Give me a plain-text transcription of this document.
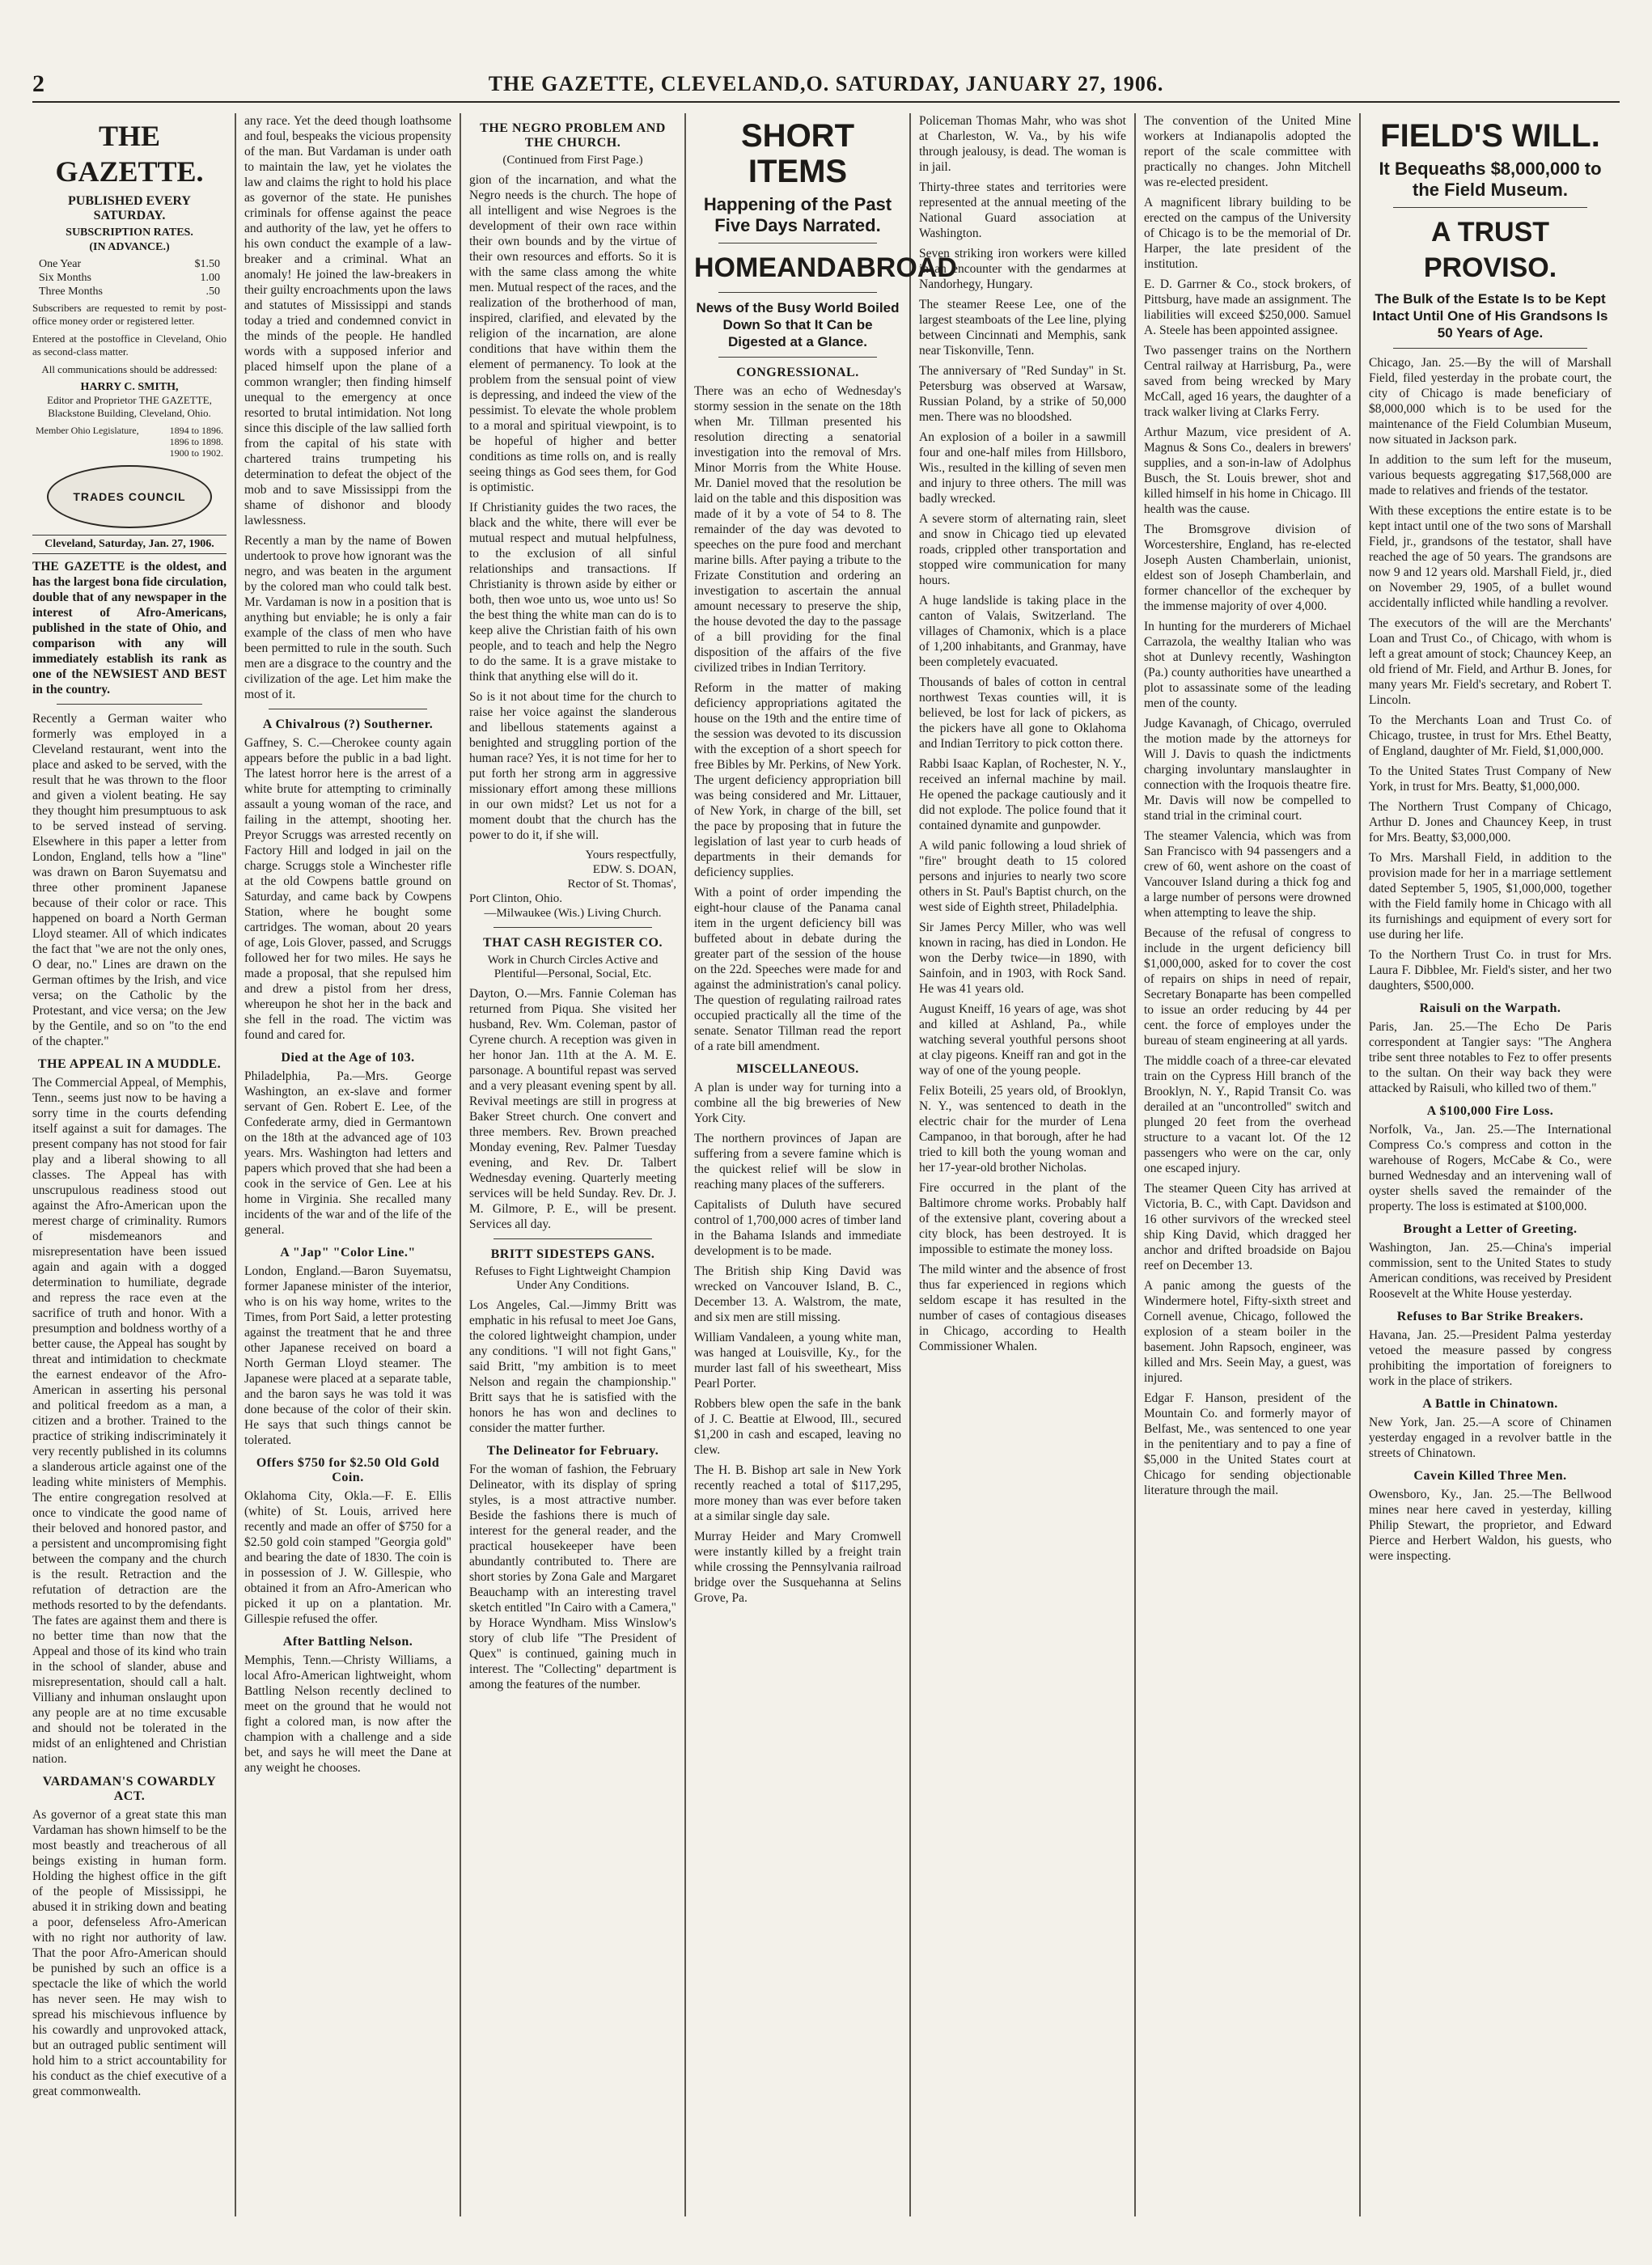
2	THE GAZETTE, CLEVELAND,O. SATURDAY, JANUARY 27, 1906.
THE GAZETTE.
PUBLISHED EVERY SATURDAY.
SUBSCRIPTION RATES.
(IN ADVANCE.)
One Year	$1.50
Six Months	1.00
Three Months	.50

Subscribers are requested to remit by post-office money order or registered letter.

Entered at the postoffice in Cleveland, Ohio as second-class matter.

All communications should be addressed:

HARRY C. SMITH,
Editor and Proprietor THE GAZETTE,
Blackstone Building, Cleveland, Ohio.
Member Ohio Legislature,	1894 to 1896.
1896 to 1898.
1900 to 1902.
TRADES COUNCIL
Cleveland, Saturday, Jan. 27, 1906.

THE GAZETTE is the oldest, and has the largest bona fide circulation, double that of any newspaper in the interest of Afro-Americans, published in the state of Ohio, and comparison with any will immediately establish its rank as one of the NEWSIEST AND BEST in the country.

Recently a German waiter who formerly was employed in a Cleveland restaurant, went into the place and asked to be served, with the result that he was thrown to the floor and given a violent beating. He say they thought him presumptuous to ask to be served instead of serving. Elsewhere in this paper a letter from London, England, tells how a "line" was drawn on Baron Suyematsu and three other prominent Japanese because of their color or race. This happened on board a North German Lloyd steamer. All of which indicates the fact that "we are not the only ones, O dear, no." Lines are drawn on the German oftimes by the Irish, and vice versa; on the Catholic by the Protestant, and vice versa; on the Jew by the Gentile, and so on "to the end of the chapter."

THE APPEAL IN A MUDDLE.

The Commercial Appeal, of Memphis, Tenn., seems just now to be having a sorry time in the courts defending itself against a suit for damages. The present company has not stood for fair play and a liberal showing to all classes. The Appeal has with unscrupulous readiness stood out against the Afro-American upon the merest charge of criminality. Rumors of misdemeanors and misrepresentation have been issued again and again with a dogged determination to humiliate, degrade and repress the race even at the sacrifice of truth and honor. With a presumption and boldness worthy of a better cause, the Appeal has sought by threat and intimidation to checkmate the earnest endeavor of the Afro-American in asserting his personal and political freedom as a man, a citizen and a brother. Trained to the practice of striking indiscriminately it very recently published in its columns a slanderous article against one of the leading white ministers of Memphis. The entire congregation resolved at once to vindicate the good name of their beloved and honored pastor, and a persistent and uncompromising fight between the company and the church is the result. Retraction and the refutation of detraction are the methods resorted to by the defendants. The fates are against them and there is no better time than now that the Appeal and those of its kind who train in the school of slander, abuse and misrepresentation, should call a halt. Villiany and inhuman onslaught upon any people are at no time excusable and should not be tolerated in the midst of an enlightened and Christian nation.

VARDAMAN'S COWARDLY ACT.

As governor of a great state this man Vardaman has shown himself to be the most beastly and treacherous of all beings existing in human form. Holding the highest office in the gift of the people of Mississippi, he abused it in striking down and beating a poor, defenseless Afro-American with no right nor authority of law. That the poor Afro-American should be punished by such an office is a spectacle the like of which the world has never seen. He may wish to spread his mischievous influence by his cowardly and unprovoked attack, but an outraged public sentiment will hold him to a strict accountability for his conduct as the chief executive of a great commonwealth.

any race. Yet the deed though loathsome and foul, bespeaks the vicious propensity of the man. But Vardaman is under oath to maintain the law, yet he violates the law and claims the right to hold his place as governor of the state. He punishes criminals for offense against the peace and authority of the law, yet he offers to his own conduct the example of a law-breaker and a criminal. What an anomaly! He joined the law-breakers in their guilty encroachments upon the laws and statutes of Mississippi and stands today a tried and condemned convict in the minds of the people. He handled words with a supposed inferior and placed himself upon the plane of a common wrangler; then finding himself unequal to the emergency at once resorted to brutal intimidation. Not long since this disciple of the law sallied forth from the capital of his state with chartered trains trumpeting his determination to defeat the object of the mob and to save Mississippi from the shame of dishonor and bloody lawlessness.

Recently a man by the name of Bowen undertook to prove how ignorant was the negro, and was beaten in the argument by the colored man who could talk best. Mr. Vardaman is now in a position that is anything but enviable; he is only a fair example of the class of men who have been permitted to rule in the south. Such men are a disgrace to the country and the civilization of the age. Let him make the most of it.

A Chivalrous (?) Southerner.

Gaffney, S. C.—Cherokee county again appears before the public in a bad light. The latest horror here is the arrest of a white brute for attempting to criminally assault a young woman of the race, and failing in the attempt, shooting her. Preyor Scruggs was arrested recently on Factory Hill and lodged in jail on the charge. Scruggs stole a Winchester rifle at the old Cowpens battle ground on Saturday, and came back by Cowpens Station, where he bought some cartridges. The woman, about 20 years of age, Lois Glover, passed, and Scruggs followed her for two miles. He says he made a proposal, that she repulsed him and drew a pistol from her dress, whereupon he shot her in the back and she fell in the road. The victim was found and cared for.

Died at the Age of 103.

Philadelphia, Pa.—Mrs. George Washington, an ex-slave and former servant of Gen. Robert E. Lee, of the Confederate army, died in Germantown on the 18th at the advanced age of 103 years. Mrs. Washington had letters and papers which proved that she had been a cook in the service of Gen. Lee at his home in Virginia. She recalled many incidents of the war and of the life of the general.

A "Jap" "Color Line."

London, England.—Baron Suyematsu, former Japanese minister of the interior, who is on his way home, writes to the Times, from Port Said, a letter protesting against the treatment that he and three other Japanese received on board a North German Lloyd steamer. The Japanese were placed at a separate table, and the baron says he was told it was done because of the color of their skin. He says that such things cannot be tolerated.

Offers $750 for $2.50 Old Gold Coin.

Oklahoma City, Okla.—F. E. Ellis (white) of St. Louis, arrived here recently and made an offer of $750 for a $2.50 gold coin stamped "Georgia gold" and bearing the date of 1830. The coin is in possession of J. W. Gillespie, who obtained it from an Afro-American who picked it up on a plantation. Mr. Gillespie refused the offer.

After Battling Nelson.

Memphis, Tenn.—Christy Williams, a local Afro-American lightweight, whom Battling Nelson recently declined to meet on the ground that he would not fight a colored man, is now after the champion with a challenge and a side bet, and says he will meet the Dane at any weight he chooses.

THE NEGRO PROBLEM AND THE CHURCH.
(Continued from First Page.)

gion of the incarnation, and what the Negro needs is the church. The hope of all intelligent and wise Negroes is the development of their own race within their own bounds and by the virtue of their own resources and efforts. So it is with the same class among the white men. Mutual respect of the races, and the realization of the brotherhood of man, inspired, clarified, and elevated by the religion of the incarnation, are alone conditions that have within them the element of permanency. To look at the problem from the sensual point of view is depressing, and indeed the view of the pessimist. To elevate the whole problem to a moral and spiritual viewpoint, is to be hopeful of higher and better conditions as time rolls on, and is really seeing things as God sees them, for God is optimistic.

If Christianity guides the two races, the black and the white, there will ever be mutual respect and mutual helpfulness, to the exclusion of all sinful relationships and transactions. If Christianity is thrown aside by either or both, then woe unto us, woe unto us! So the best thing the white man can do is to keep alive the Christian faith of his own people, and to teach and help the Negro to do the same. It is a grave mistake to think that anything else will do it.

So is it not about time for the church to raise her voice against the slanderous and libellous statements against a benighted and struggling portion of the human race? Yes, it is not time for her to put forth her strong arm in aggressive missionary effort among these millions in our own midst? Let us not for a moment doubt that the church has the power to do it, if she will.

Yours respectfully,
EDW. S. DOAN,
Rector of St. Thomas',
Port Clinton, Ohio.
—Milwaukee (Wis.) Living Church.
THAT CASH REGISTER CO.
Work in Church Circles Active and Plentiful—Personal, Social, Etc.

Dayton, O.—Mrs. Fannie Coleman has returned from Piqua. She visited her husband, Rev. Wm. Coleman, pastor of Cyrene church. A reception was given in her honor Jan. 11th at the A. M. E. parsonage. A bountiful repast was served and a very pleasant evening spent by all. Revival meetings are still in progress at Baker Street church. One convert and three members. Rev. Brown preached Monday evening, Rev. Palmer Tuesday evening, and Rev. Dr. Talbert Wednesday evening. Quarterly meeting services will be held Sunday. Rev. Dr. J. M. Gilmore, P. E., will be present. Services all day.

BRITT SIDESTEPS GANS.
Refuses to Fight Lightweight Champion Under Any Conditions.

Los Angeles, Cal.—Jimmy Britt was emphatic in his refusal to meet Joe Gans, the colored lightweight champion, under any conditions. "I will not fight Gans," said Britt, "my ambition is to meet Nelson and regain the championship." Britt says that he is satisfied with the honors he has won and declines to consider the matter further.

The Delineator for February.

For the woman of fashion, the February Delineator, with its display of spring styles, is a most attractive number. Beside the fashions there is much of interest for the general reader, and the practical housekeeper have been abundantly contributed to. There are short stories by Zona Gale and Margaret Beauchamp with an interesting travel sketch entitled "In Cairo with a Camera," by Horace Wyndham. Miss Winslow's story of club life "The President of Quex" is continued, gaining much in interest. The "Collecting" department is among the features of the number.

SHORT ITEMS
Happening of the Past Five Days Narrated.
HOMEANDABROAD
News of the Busy World Boiled Down So that It Can be Digested at a Glance.
CONGRESSIONAL.

There was an echo of Wednesday's stormy session in the senate on the 18th when Mr. Tillman presented his resolution directing a senatorial investigation into the removal of Mrs. Minor Morris from the White House. Mr. Daniel moved that the resolution be laid on the table and this disposition was made of it by a vote of 54 to 8. The remainder of the day was devoted to speeches on the pure food and merchant marine bills. After paying a tribute to the Frizate Constitution and ordering an investigation to ascertain the annual amount necessary to preserve the ship, the house devoted the day to the passage of a bill providing for the final disposition of the affairs of the five civilized tribes in Indian Territory.

Reform in the matter of making deficiency appropriations agitated the house on the 19th and the entire time of the session was devoted to its discussion with the exception of a short speech for free Bibles by Mr. Perkins, of New York. The urgent deficiency appropriation bill was being considered and Mr. Littauer, of New York, in charge of the bill, set the pace by proposing that in future the legislation of last year to curb heads of departments in their demands for deficiency supplies.

With a point of order impending the eight-hour clause of the Panama canal item in the urgent deficiency bill was buffeted about in debate during the greater part of the session of the house on the 22d. Speeches were made for and against the administration's canal policy. The question of regulating railroad rates occupied practically all the time of the senate. Senator Tillman read the report of a rate bill amendment.

MISCELLANEOUS.

A plan is under way for turning into a combine all the big breweries of New York City.

The northern provinces of Japan are suffering from a severe famine which is the quickest relief will be slow in reaching many places of the sufferers.

Capitalists of Duluth have secured control of 1,700,000 acres of timber land in the Bahama Islands and immediate development is to be made.

The British ship King David was wrecked on Vancouver Island, B. C., December 13. A. Walstrom, the mate, and six men are still missing.

William Vandaleen, a young white man, was hanged at Louisville, Ky., for the murder last fall of his sweetheart, Miss Pearl Porter.

Robbers blew open the safe in the bank of J. C. Beattie at Elwood, Ill., secured $1,200 in cash and escaped, leaving no clew.

The H. B. Bishop art sale in New York recently reached a total of $117,295, more money than was ever before taken at a similar single day sale.

Murray Heider and Mary Cromwell were instantly killed by a freight train while crossing the Pennsylvania railroad bridge over the Susquehanna at Selins Grove, Pa.

Policeman Thomas Mahr, who was shot at Charleston, W. Va., by his wife through jealousy, is dead. The woman is in jail.

Thirty-three states and territories were represented at the annual meeting of the National Guard association at Washington.

Seven striking iron workers were killed in an encounter with the gendarmes at Nandorhegy, Hungary.

The steamer Reese Lee, one of the largest steamboats of the Lee line, plying between Cincinnati and Memphis, sank near Tiskonville, Tenn.

The anniversary of "Red Sunday" in St. Petersburg was observed at Warsaw, Russian Poland, by a strike of 50,000 men. There was no bloodshed.

An explosion of a boiler in a sawmill four and one-half miles from Hillsboro, Wis., resulted in the killing of seven men and injury to three others. The mill was badly wrecked.

A severe storm of alternating rain, sleet and snow in Chicago tied up elevated roads, crippled other transportation and stopped wire communication for many hours.

A huge landslide is taking place in the canton of Valais, Switzerland. The villages of Chamonix, which is a place of 1,200 inhabitants, and Granmay, have been completely evacuated.

Thousands of bales of cotton in central northwest Texas counties will, it is believed, be lost for lack of pickers, as the pickers have all gone to Oklahoma and Indian Territory to pick cotton there.

Rabbi Isaac Kaplan, of Rochester, N. Y., received an infernal machine by mail. He opened the package cautiously and it did not explode. The police found that it contained dynamite and gunpowder.

A wild panic following a loud shriek of "fire" brought death to 15 colored persons and injuries to nearly two score others in St. Paul's Baptist church, on the west side of Eighth street, Philadelphia.

Sir James Percy Miller, who was well known in racing, has died in London. He won the Derby twice—in 1890, with Sainfoin, and in 1903, with Rock Sand. He was 41 years old.

August Kneiff, 16 years of age, was shot and killed at Ashland, Pa., while watching several youthful persons shoot at clay pigeons. Kneiff ran and got in the way of one of the young people.

Felix Boteili, 25 years old, of Brooklyn, N. Y., was sentenced to death in the electric chair for the murder of Lena Campanoo, in that borough, after he had tried to kill both the young woman and her 17-year-old brother Nicholas.

Fire occurred in the plant of the Baltimore chrome works. Probably half of the extensive plant, covering about a city block, has been destroyed. It is impossible to estimate the money loss.

The mild winter and the absence of frost thus far experienced in regions which seldom escape it has resulted in the number of cases of contagious diseases in Chicago, according to Health Commissioner Whalen.

The convention of the United Mine workers at Indianapolis adopted the report of the scale committee with practically no changes. John Mitchell was re-elected president.

A magnificent library building to be erected on the campus of the University of Chicago is to be the memorial of Dr. Harper, the late president of the institution.

E. D. Garrner & Co., stock brokers, of Pittsburg, have made an assignment. The liabilities will exceed $250,000. Samuel A. Steele has been appointed assignee.

Two passenger trains on the Northern Central railway at Harrisburg, Pa., were saved from being wrecked by Mary McCall, aged 16 years, the daughter of a track walker living at Clarks Ferry.

Arthur Mazum, vice president of A. Magnus & Sons Co., dealers in brewers' supplies, and a son-in-law of Adolphus Busch, the St. Louis brewer, shot and killed himself in his home in Chicago. Ill health was the cause.

The Bromsgrove division of Worcestershire, England, has re-elected Joseph Austen Chamberlain, unionist, eldest son of Joseph Chamberlain, and former chancellor of the exchequer by the immense majority of over 4,000.

In hunting for the murderers of Michael Carrazola, the wealthy Italian who was shot at Dunlevy recently, Washington (Pa.) county authorities have unearthed a plot to assassinate some of the leading men of the county.

Judge Kavanagh, of Chicago, overruled the motion made by the attorneys for Will J. Davis to quash the indictments charging involuntary manslaughter in connection with the Iroquois theatre fire. Mr. Davis will now be compelled to stand trial in the criminal court.

The steamer Valencia, which was from San Francisco with 94 passengers and a crew of 60, went ashore on the coast of Vancouver Island during a thick fog and a large number of persons were drowned when attempting to leave the ship.

Because of the refusal of congress to include in the urgent deficiency bill $1,000,000, asked for to cover the cost of repairs on ships in need of repair, Secretary Bonaparte has been compelled to issue an order reducing by 44 per cent. the force of employes under the bureau of steam engineering at all yards.

The middle coach of a three-car elevated train on the Cypress Hill branch of the Brooklyn, N. Y., Rapid Transit Co. was derailed at an "uncontrolled" switch and plunged 20 feet from the overhead structure to a vacant lot. Of the 12 passengers who were on the car, only one escaped injury.

The steamer Queen City has arrived at Victoria, B. C., with Capt. Davidson and 16 other survivors of the wrecked steel ship King David, which dragged her anchor and drifted broadside on Bajou reef on December 13.

A panic among the guests of the Windermere hotel, Fifty-sixth street and Cornell avenue, Chicago, followed the explosion of a steam boiler in the basement. John Rapsoch, engineer, was killed and Mrs. Seein May, a guest, was injured.

Edgar F. Hanson, president of the Mountain Co. and formerly mayor of Belfast, Me., was sentenced to one year in the penitentiary and to pay a fine of $5,000 in the United States court at Chicago for sending objectionable literature through the mail.

FIELD'S WILL.
It Bequeaths $8,000,000 to the Field Museum.
A TRUST PROVISO.
The Bulk of the Estate Is to be Kept Intact Until One of His Grandsons Is 50 Years of Age.

Chicago, Jan. 25.—By the will of Marshall Field, filed yesterday in the probate court, the city of Chicago is made beneficiary of $8,000,000 which is to be used for the maintenance of the Field Columbian Museum, now situated in Jackson park.

In addition to the sum left for the museum, various bequests aggregating $17,568,000 are made to relatives and friends of the testator.

With these exceptions the entire estate is to be kept intact until one of the two sons of Marshall Field, jr., grandsons of the testator, shall have reached the age of 50 years. The grandsons are now 9 and 12 years old. Marshall Field, jr., died on November 29, 1905, of a bullet wound accidentally inflicted while handling a revolver.

The executors of the will are the Merchants' Loan and Trust Co., of Chicago, with whom is left a great amount of stock; Chauncey Keep, an old friend of Mr. Field, and Arthur B. Jones, for many years Mr. Field's secretary, and Robert T. Lincoln.

To the Merchants Loan and Trust Co. of Chicago, trustee, in trust for Mrs. Ethel Beatty, of England, daughter of Mr. Field, $1,000,000.

To the United States Trust Company of New York, in trust for Mrs. Beatty, $1,000,000.

The Northern Trust Company of Chicago, Arthur D. Jones and Chauncey Keep, in trust for Mrs. Beatty, $3,000,000.

To Mrs. Marshall Field, in addition to the provision made for her in a marriage settlement dated September 5, 1905, $1,000,000, together with the Field family home in Chicago with all its furnishings and equipment of every sort for use during her life.

To the Northern Trust Co. in trust for Mrs. Laura F. Dibblee, Mr. Field's sister, and her two daughters, $500,000.

Raisuli on the Warpath.

Paris, Jan. 25.—The Echo De Paris correspondent at Tangier says: "The Anghera tribe sent three notables to Fez to offer presents to the sultan. On their way back they were attacked by Raisuli, who killed two of them."

A $100,000 Fire Loss.

Norfolk, Va., Jan. 25.—The International Compress Co.'s compress and cotton in the warehouse of Rogers, McCabe & Co., were burned Wednesday and an intervening wall of oyster shells saved the remainder of the property. The loss is estimated at $100,000.

Brought a Letter of Greeting.

Washington, Jan. 25.—China's imperial commission, sent to the United States to study American conditions, was received by President Roosevelt at the White House yesterday.

Refuses to Bar Strike Breakers.

Havana, Jan. 25.—President Palma yesterday vetoed the measure passed by congress prohibiting the importation of foreigners to work in the place of strikers.

A Battle in Chinatown.

New York, Jan. 25.—A score of Chinamen yesterday engaged in a revolver battle in the streets of Chinatown.

Cavein Killed Three Men.

Owensboro, Ky., Jan. 25.—The Bellwood mines near here caved in yesterday, killing Philip Stewart, the proprietor, and Edward Pierce and Herbert Waldon, his guests, who were inspecting.
